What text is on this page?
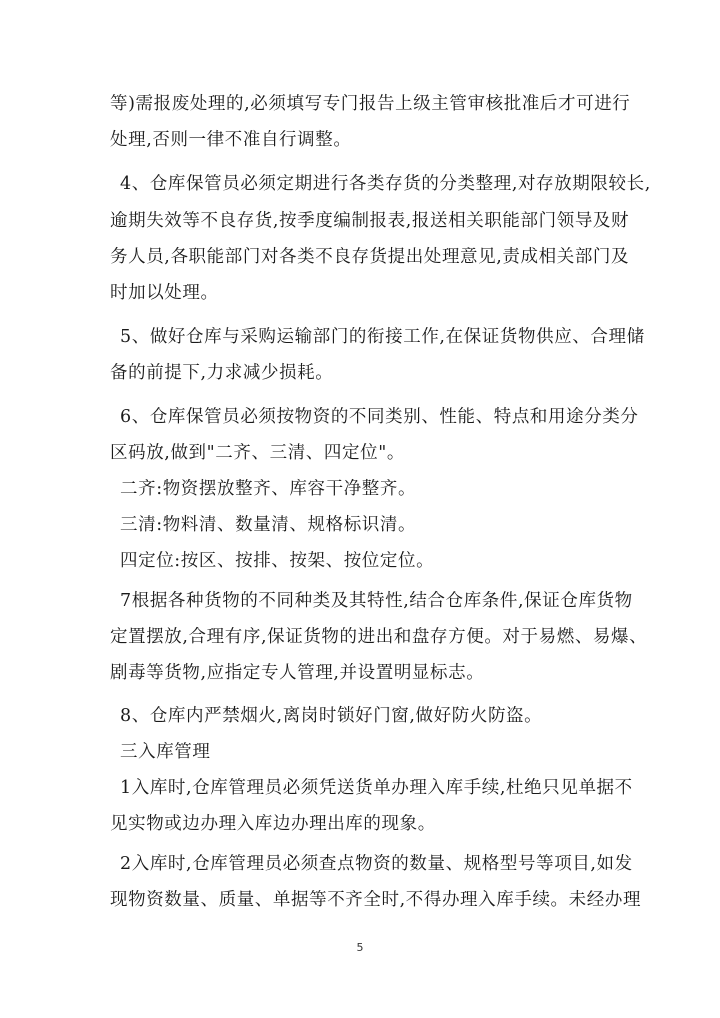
等)需报废处理的,必须填写专门报告上级主管审核批准后才可进行
处理,否则一律不准自行调整。
4、仓库保管员必须定期进行各类存货的分类整理,对存放期限较长,
逾期失效等不良存货,按季度编制报表,报送相关职能部门领导及财
务人员,各职能部门对各类不良存货提出处理意见,责成相关部门及
时加以处理。
5、做好仓库与采购运输部门的衔接工作,在保证货物供应、合理储
备的前提下,力求减少损耗。
6、仓库保管员必须按物资的不同类别、性能、特点和用途分类分
区码放,做到"二齐、三清、四定位"。
二齐:物资摆放整齐、库容干净整齐。
三清:物料清、数量清、规格标识清。
四定位:按区、按排、按架、按位定位。
7根据各种货物的不同种类及其特性,结合仓库条件,保证仓库货物
定置摆放,合理有序,保证货物的进出和盘存方便。对于易燃、易爆、
剧毒等货物,应指定专人管理,并设置明显标志。
8、仓库内严禁烟火,离岗时锁好门窗,做好防火防盗。
三入库管理
1入库时,仓库管理员必须凭送货单办理入库手续,杜绝只见单据不
见实物或边办理入库边办理出库的现象。
2入库时,仓库管理员必须查点物资的数量、规格型号等项目,如发
现物资数量、质量、单据等不齐全时,不得办理入库手续。未经办理
5
